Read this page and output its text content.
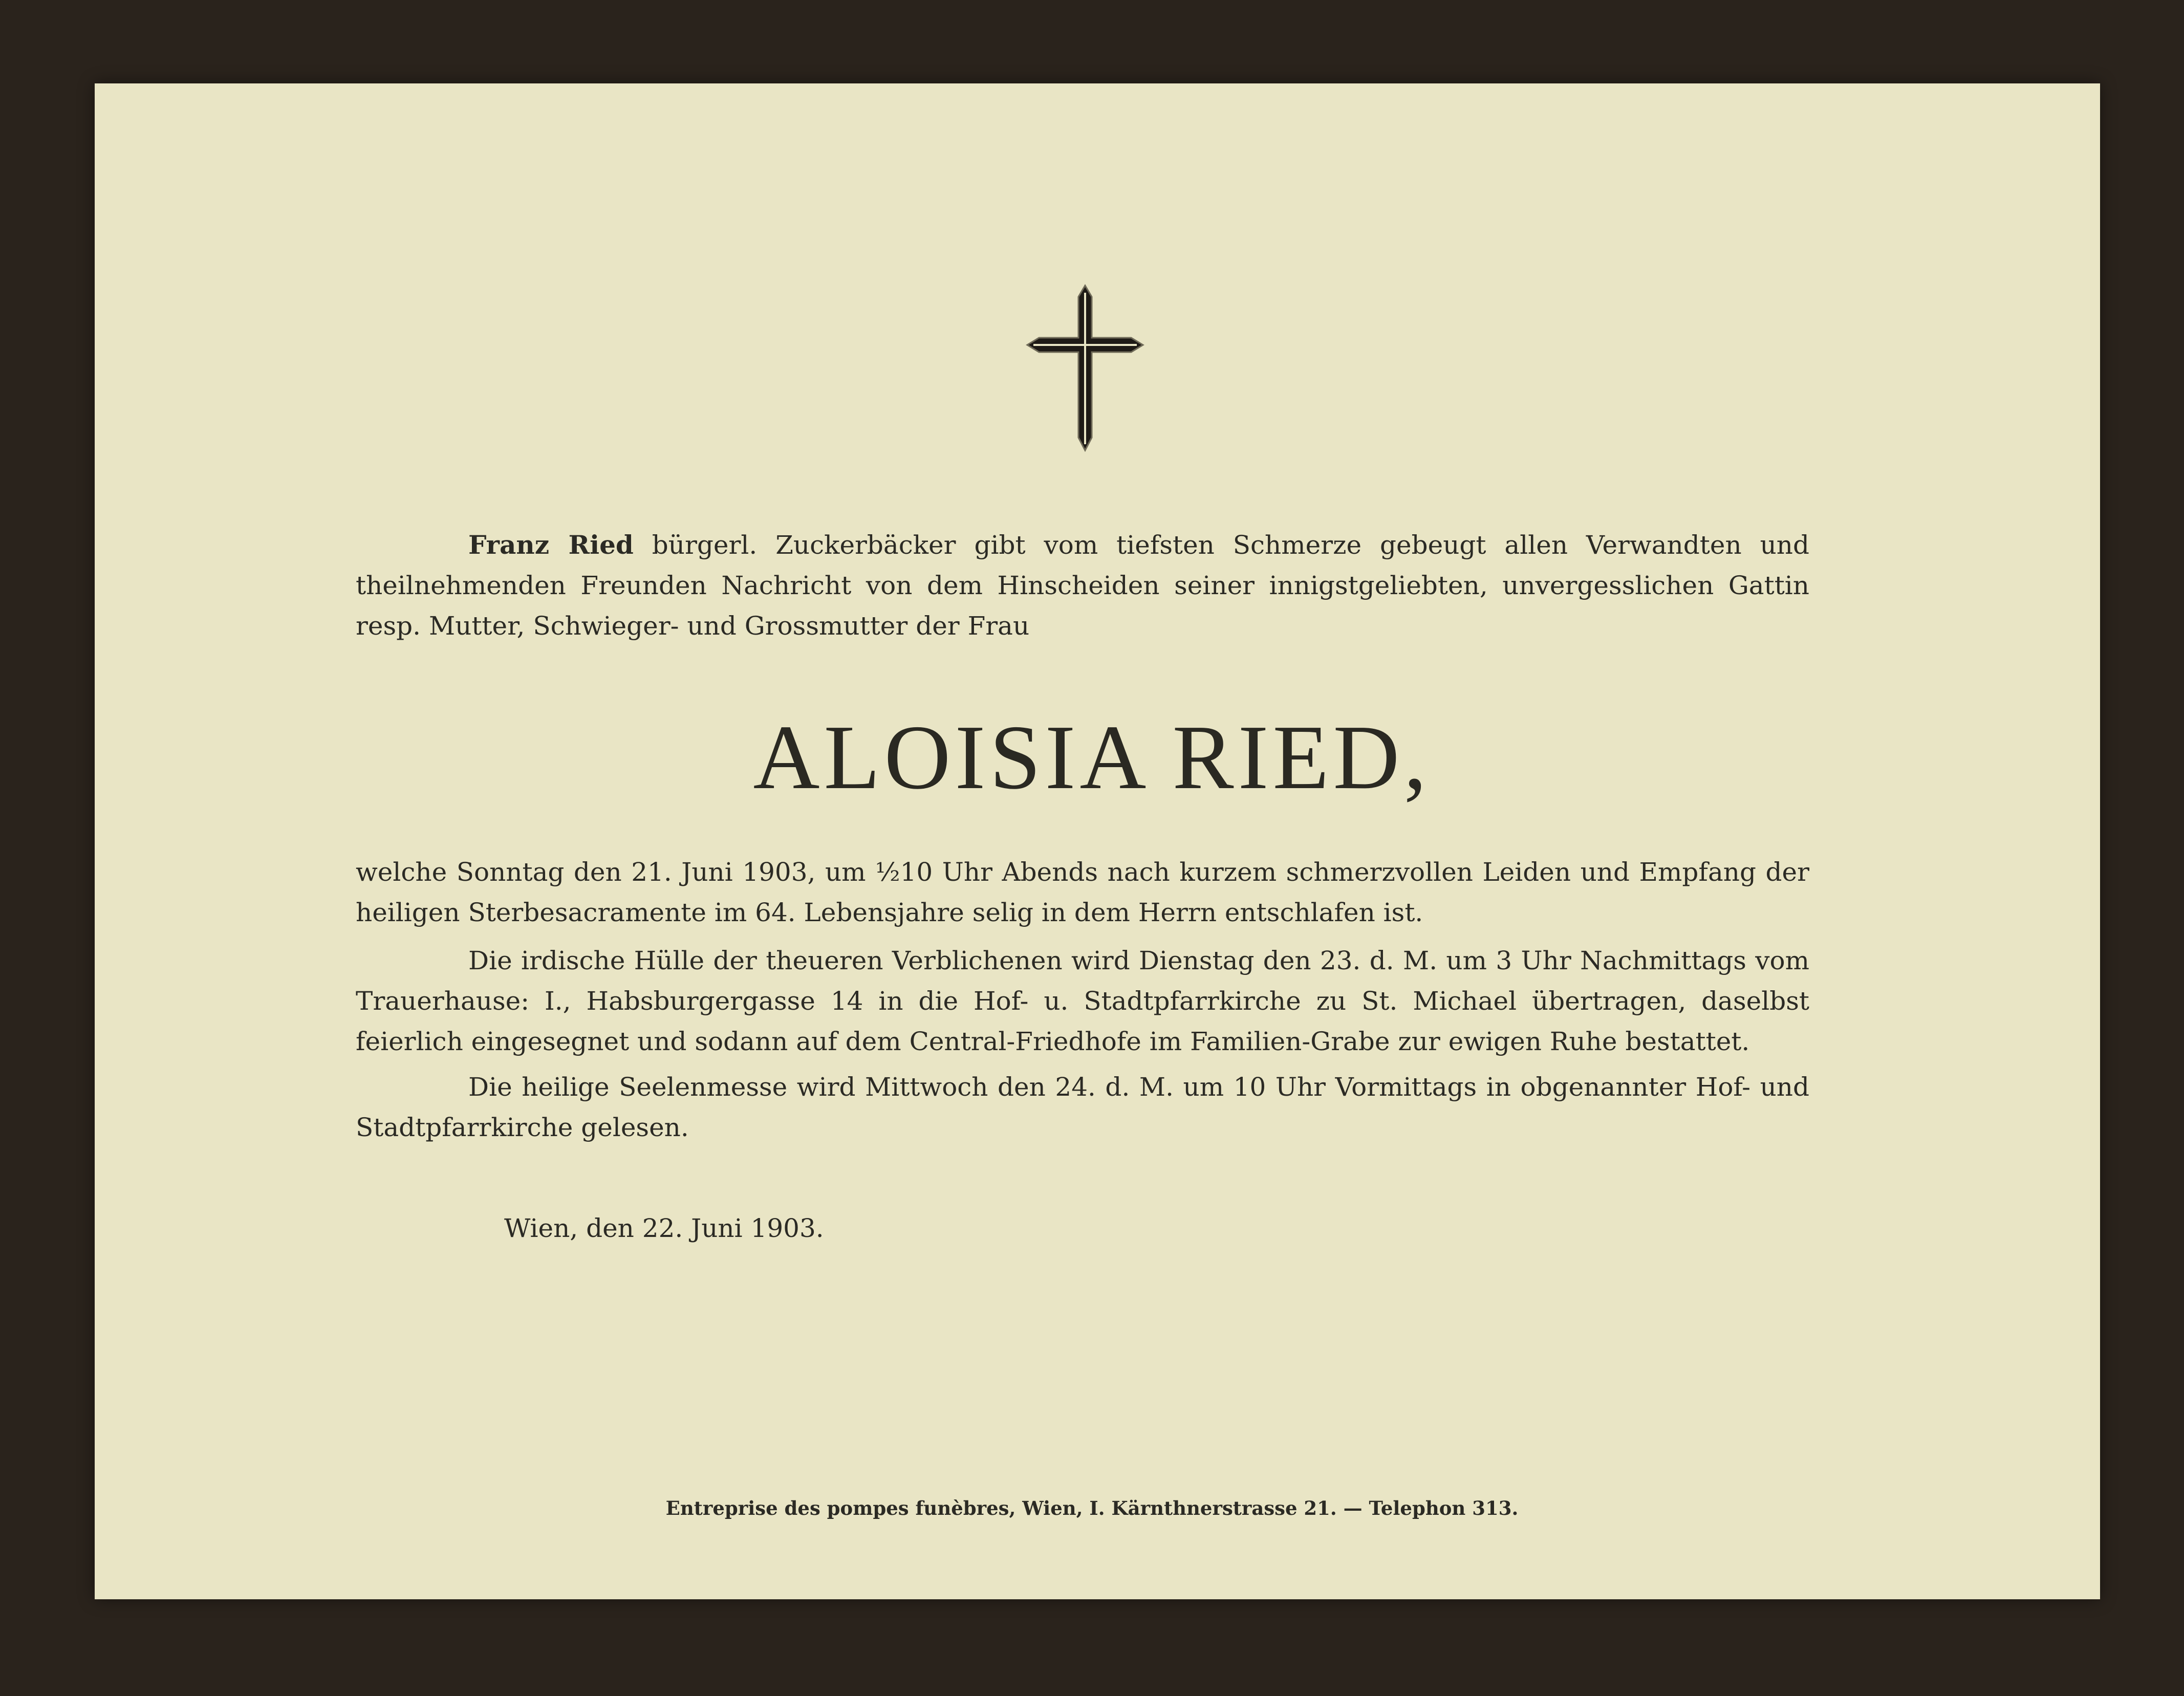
Franz Ried bürgerl. Zuckerbäcker gibt vom tiefsten Schmerze gebeugt allen Verwandten und theilnehmenden Freunden Nachricht von dem Hinscheiden seiner innigstgeliebten, unvergesslichen Gattin resp. Mutter, Schwieger- und Grossmutter der Frau

ALOISIA RIED,

welche Sonntag den 21. Juni 1903, um ½10 Uhr Abends nach kurzem schmerzvollen Leiden und Empfang der heiligen Sterbesacramente im 64. Lebensjahre selig in dem Herrn entschlafen ist.

Die irdische Hülle der theueren Verblichenen wird Dienstag den 23. d. M. um 3 Uhr Nachmittags vom Trauerhause: I., Habsburgergasse 14 in die Hof- u. Stadtpfarrkirche zu St. Michael übertragen, daselbst feierlich eingesegnet und sodann auf dem Central-Friedhofe im Familien-Grabe zur ewigen Ruhe bestattet.

Die heilige Seelenmesse wird Mittwoch den 24. d. M. um 10 Uhr Vormittags in obgenannter Hof- und Stadtpfarrkirche gelesen.

Wien, den 22. Juni 1903.

Entreprise des pompes funèbres, Wien, I. Kärnthnerstrasse 21. — Telephon 313.
